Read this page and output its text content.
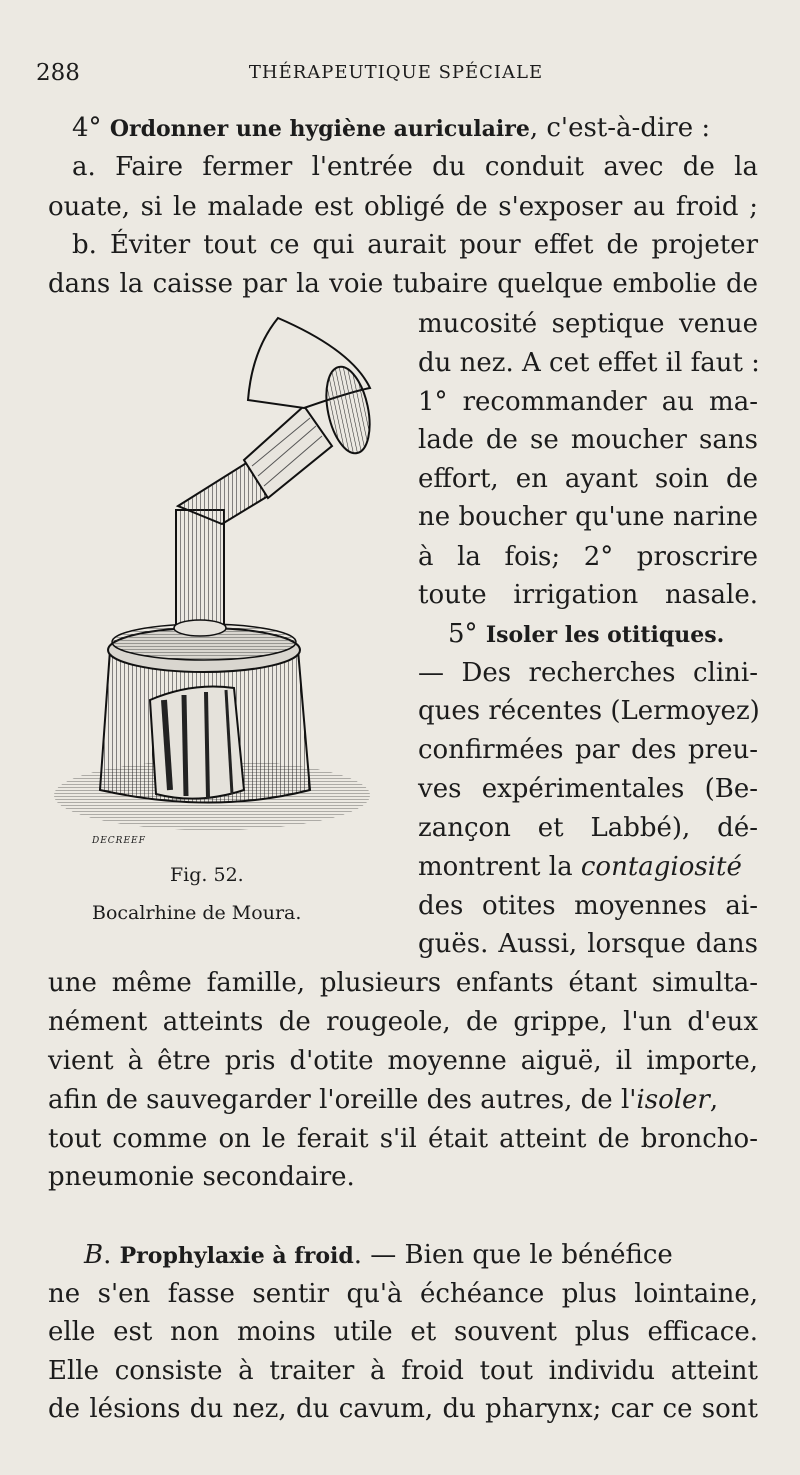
288	THÉRAPEUTIQUE SPÉCIALE
4° Ordonner une hygiène auriculaire, c'est-à-dire :
a. Faire fermer l'entrée du conduit avec de la
ouate, si le malade est obligé de s'exposer au froid ;
b. Éviter tout ce qui aurait pour effet de projeter
dans la caisse par la voie tubaire quelque embolie de
DECREEF
Fig. 52.
Bocalrhine de Moura.
mucosité septique venue
du nez. A cet effet il faut :
1° recommander au ma-
lade de se moucher sans
effort, en ayant soin de
ne boucher qu'une narine
à la fois; 2° proscrire
toute irrigation nasale.
5° Isoler les otitiques.
— Des recherches clini-
ques récentes (Lermoyez)
confirmées par des preu-
ves expérimentales (Be-
zançon et Labbé), dé-
montrent la contagiosité
des otites moyennes ai-
guës. Aussi, lorsque dans
une même famille, plusieurs enfants étant simulta-
nément atteints de rougeole, de grippe, l'un d'eux
vient à être pris d'otite moyenne aiguë, il importe,
afin de sauvegarder l'oreille des autres, de l'isoler,
tout comme on le ferait s'il était atteint de broncho-
pneumonie secondaire.
B. Prophylaxie à froid. — Bien que le bénéfice
ne s'en fasse sentir qu'à échéance plus lointaine,
elle est non moins utile et souvent plus efficace.
Elle consiste à traiter à froid tout individu atteint
de lésions du nez, du cavum, du pharynx; car ce sont
